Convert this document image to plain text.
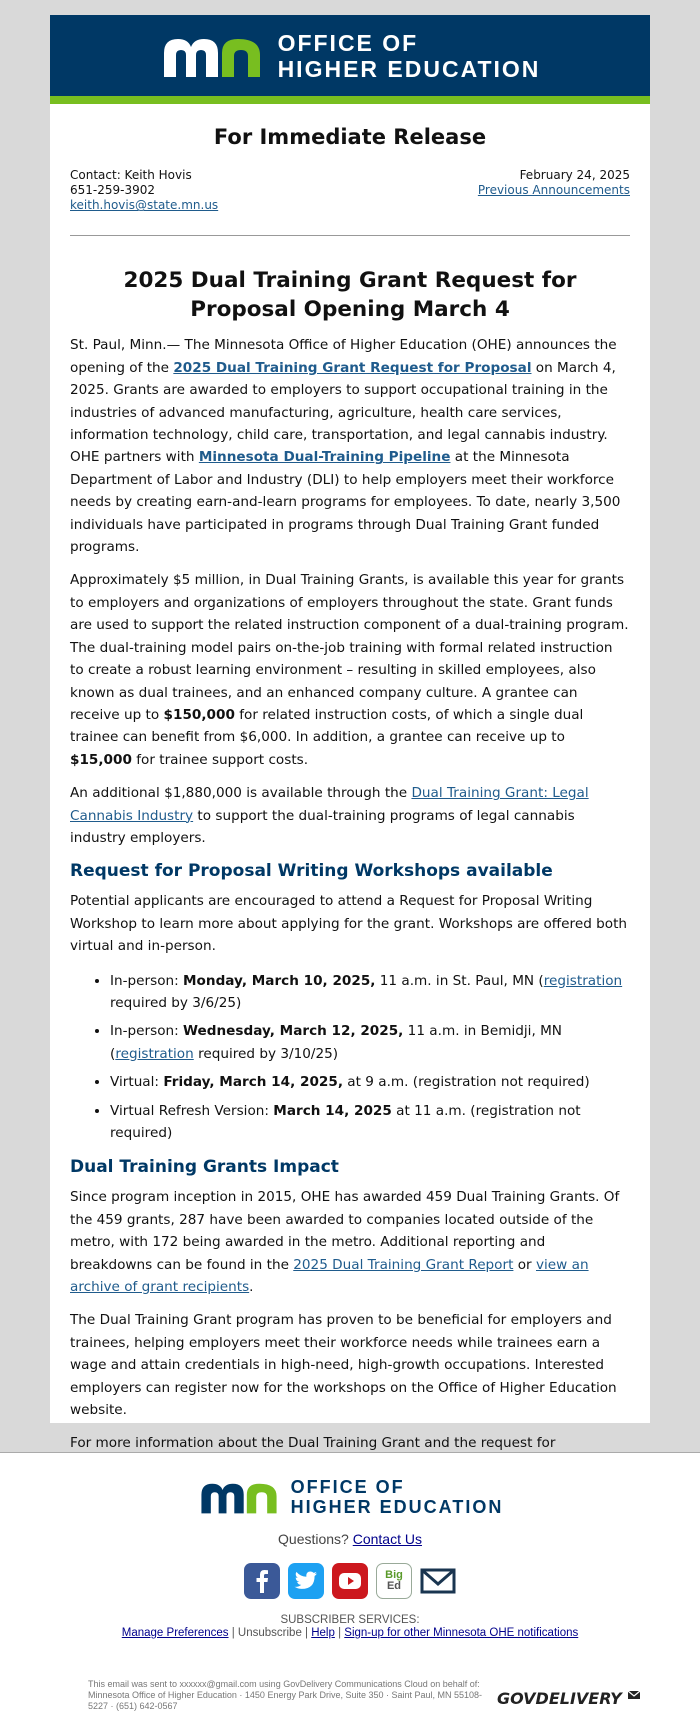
OFFICE OF
HIGHER EDUCATION
For Immediate Release
Contact: Keith Hovis
651-259-3902
keith.hovis@state.mn.us
February 24, 2025
Previous Announcements
2025 Dual Training Grant Request for Proposal Opening March 4

St. Paul, Minn.— The Minnesota Office of Higher Education (OHE) announces the opening of the 2025 Dual Training Grant Request for Proposal on March 4, 2025. Grants are awarded to employers to support occupational training in the industries of advanced manufacturing, agriculture, health care services, information technology, child care, transportation, and legal cannabis industry. OHE partners with Minnesota Dual-Training Pipeline at the Minnesota Department of Labor and Industry (DLI) to help employers meet their workforce needs by creating earn-and-learn programs for employees. To date, nearly 3,500 individuals have participated in programs through Dual Training Grant funded programs.

Approximately $5 million, in Dual Training Grants, is available this year for grants to employers and organizations of employers throughout the state. Grant funds are used to support the related instruction component of a dual-training program. The dual-training model pairs on-the-job training with formal related instruction to create a robust learning environment – resulting in skilled employees, also known as dual trainees, and an enhanced company culture. A grantee can receive up to $150,000 for related instruction costs, of which a single dual trainee can benefit from $6,000. In addition, a grantee can receive up to $15,000 for trainee support costs.

An additional $1,880,000 is available through the Dual Training Grant: Legal Cannabis Industry to support the dual-training programs of legal cannabis industry employers.

Request for Proposal Writing Workshops available

Potential applicants are encouraged to attend a Request for Proposal Writing Workshop to learn more about applying for the grant. Workshops are offered both virtual and in-person.

• In-person: Monday, March 10, 2025, 11 a.m. in St. Paul, MN (registration required by 3/6/25)
• In-person: Wednesday, March 12, 2025, 11 a.m. in Bemidji, MN (registration required by 3/10/25)
• Virtual: Friday, March 14, 2025, at 9 a.m. (registration not required)
• Virtual Refresh Version: March 14, 2025 at 11 a.m. (registration not required)
Dual Training Grants Impact

Since program inception in 2015, OHE has awarded 459 Dual Training Grants. Of the 459 grants, 287 have been awarded to companies located outside of the metro, with 172 being awarded in the metro. Additional reporting and breakdowns can be found in the 2025 Dual Training Grant Report or view an archive of grant recipients.

The Dual Training Grant program has proven to be beneficial for employers and trainees, helping employers meet their workforce needs while trainees earn a wage and attain credentials in high-need, high-growth occupations. Interested employers can register now for the workshops on the Office of Higher Education website.

For more information about the Dual Training Grant and the request for

OFFICE OF
HIGHER EDUCATION
Questions? Contact Us
Big
Ed
SUBSCRIBER SERVICES:
Manage Preferences | Unsubscribe | Help | Sign-up for other Minnesota OHE notifications
This email was sent to xxxxxx@gmail.com using GovDelivery Communications Cloud on behalf of: Minnesota Office of Higher Education · 1450 Energy Park Drive, Suite 350 · Saint Paul, MN 55108-5227 · (651) 642-0567	GOVDELIVERY
